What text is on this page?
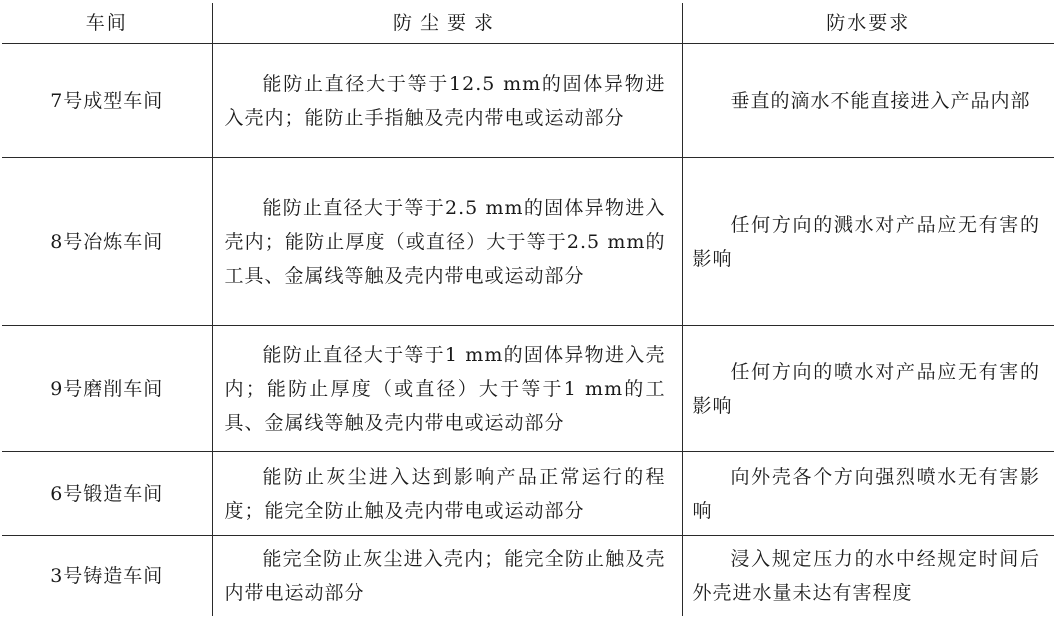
车间	防尘要求	防水要求
7号成型车间	能防止直径大于等于12.5 mm的固体异物进入壳内；能防止手指触及壳内带电或运动部分	垂直的滴水不能直接进入产品内部
8号冶炼车间	能防止直径大于等于2.5 mm的固体异物进入壳内；能防止厚度（或直径）大于等于2.5 mm的工具、金属线等触及壳内带电或运动部分	任何方向的溅水对产品应无有害的影响
9号磨削车间	能防止直径大于等于1 mm的固体异物进入壳内；能防止厚度（或直径）大于等于1 mm的工具、金属线等触及壳内带电或运动部分	任何方向的喷水对产品应无有害的影响
6号锻造车间	能防止灰尘进入达到影响产品正常运行的程度；能完全防止触及壳内带电或运动部分	向外壳各个方向强烈喷水无有害影响
3号铸造车间	能完全防止灰尘进入壳内；能完全防止触及壳内带电运动部分	浸入规定压力的水中经规定时间后外壳进水量未达有害程度
